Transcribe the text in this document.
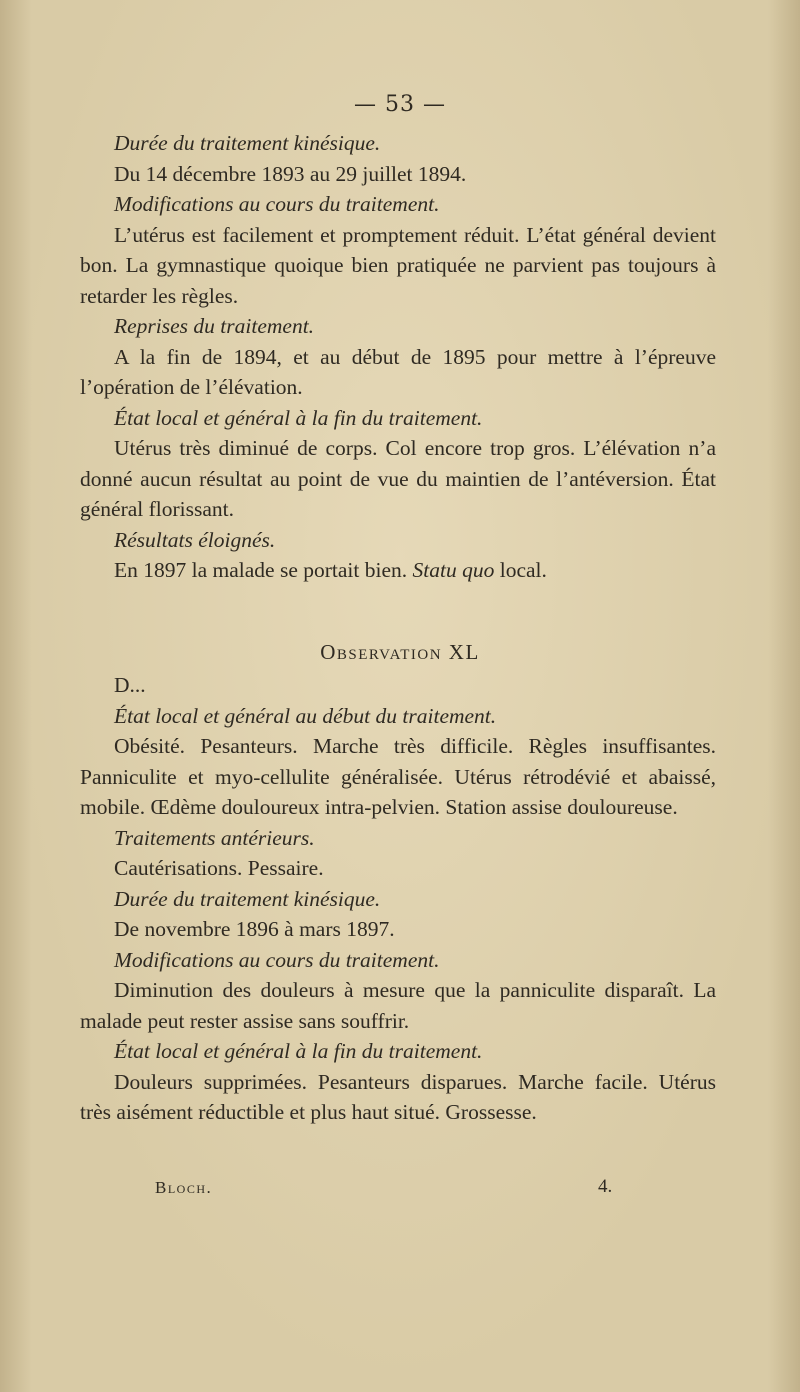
— 53 —

Durée du traitement kinésique.

Du 14 décembre 1893 au 29 juillet 1894.

Modifications au cours du traitement.

L’utérus est facilement et promptement réduit. L’état général devient bon. La gymnastique quoique bien pratiquée ne parvient pas toujours à retarder les règles.

Reprises du traitement.

A la fin de 1894, et au début de 1895 pour mettre à l’épreuve l’opération de l’élévation.

État local et général à la fin du traitement.

Utérus très diminué de corps. Col encore trop gros. L’élévation n’a donné aucun résultat au point de vue du maintien de l’antéversion. État général florissant.

Résultats éloignés.

En 1897 la malade se portait bien. Statu quo local.

Observation XL

D...

État local et général au début du traitement.

Obésité. Pesanteurs. Marche très difficile. Règles insuffisantes. Panniculite et myo-cellulite généralisée. Utérus rétrodévié et abaissé, mobile. Œdème douloureux intra-pelvien. Station assise douloureuse.

Traitements antérieurs.

Cautérisations. Pessaire.

Durée du traitement kinésique.

De novembre 1896 à mars 1897.

Modifications au cours du traitement.

Diminution des douleurs à mesure que la panniculite disparaît. La malade peut rester assise sans souffrir.

État local et général à la fin du traitement.

Douleurs supprimées. Pesanteurs disparues. Marche facile. Utérus très aisément réductible et plus haut situé. Grossesse.

Bloch.	4.
